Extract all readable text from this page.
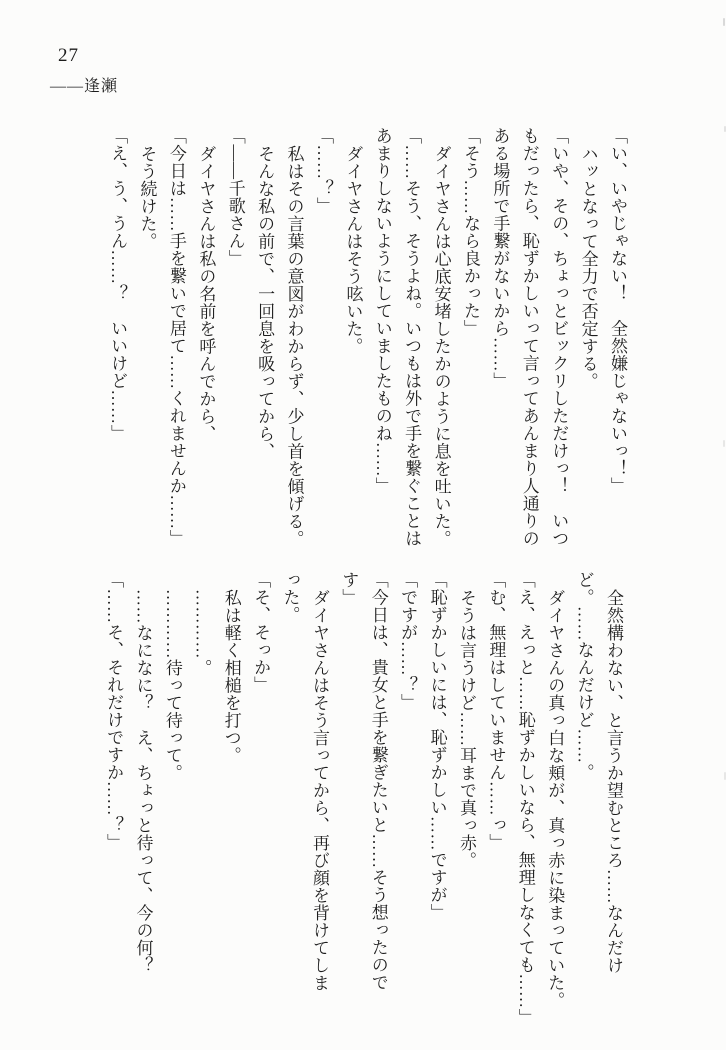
27
——逢瀬

「い、いやじゃない！　全然嫌じゃないっ！」

ハッとなって全力で否定する。

「いや、その、ちょっとビックリしただけっ！　いつ

もだったら、恥ずかしいって言ってあんまり人通りの

ある場所で手繋がないから……」

「そう……なら良かった」

ダイヤさんは心底安堵したかのように息を吐いた。

「……そう、そうよね。いつもは外で手を繋ぐことは

あまりしないようにしていましたものね……」

ダイヤさんはそう呟いた。

「……？」

私はその言葉の意図がわからず、少し首を傾げる。

そんな私の前で、一回息を吸ってから、

「——千歌さん」

ダイヤさんは私の名前を呼んでから、

「今日は……手を繋いで居て……くれませんか……」

そう続けた。

「え、う、うん……？　いいけど……」

全然構わない、と言うか望むところ……なんだけ

ど。……なんだけど……。

ダイヤさんの真っ白な頬が、真っ赤に染まっていた。

「え、えっと……恥ずかしいなら、無理しなくても……」

「む、無理はしていません……っ」

そうは言うけど……耳まで真っ赤。

「恥ずかしいには、恥ずかしい……ですが」

「ですが……？」

「今日は、貴女と手を繋ぎたいと……そう想ったので

す」

ダイヤさんはそう言ってから、再び顔を背けてしま

った。

「そ、そっか」

私は軽く相槌を打つ。

…………。

…………待って待って。

……なになに？　え、ちょっと待って、今の何？

「……そ、それだけですか……？」
